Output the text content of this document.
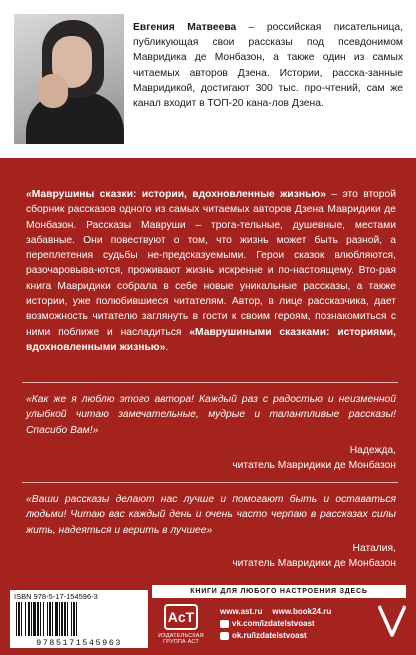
Евгения Матвеева – российская писательница, публикующая свои рассказы под псевдонимом Мавридика де Монбазон, а также один из самых читаемых авторов Дзена. Истории, расска-занные Мавридикой, достигают 300 тыс. про-чтений, сам же канал входит в ТОП-20 кана-лов Дзена.

«Маврушины сказки: истории, вдохновленные жизнью» – это второй сборник рассказов одного из самых читаемых авторов Дзена Мавридики де Монбазон. Рассказы Мавруши – трога-тельные, душевные, местами забавные. Они повествуют о том, что жизнь может быть разной, а переплетения судьбы не-предсказуемыми. Герои сказок влюбляются, разочаровыва-ются, проживают жизнь искренне и по-настоящему. Вто-рая книга Мавридики собрала в себе новые уникальные рассказы, а также истории, уже полюбившиеся читателям. Автор, в лице рассказчика, дает возможность читателю заглянуть в гости к своим героям, познакомиться с ними поближе и насладиться «Маврушиными сказками: историями, вдохновленными жизнью».

«Как же я люблю этого автора! Каждый раз с радостью и неизменной улыбкой читаю замечательные, мудрые и талантливые рассказы! Спасибо Вам!»

Надежда,
читатель Мавридики де Монбазон

«Ваши рассказы делают нас лучше и помогают быть и оставаться людьми! Читаю вас каждый день и очень часто черпаю в рассказах силы жить, надеяться и верить в лучшее»

Наталия,
читатель Мавридики де Монбазон
ISBN 978-5-17-154596-3
9785171545963
КНИГИ ДЛЯ ЛЮБОГО НАСТРОЕНИЯ ЗДЕСЬ
AcT
ИЗДАТЕЛЬСКАЯ ГРУППА АСТ
www.ast.ru www.book24.ru
vk.com/izdatelstvoast
ok.ru/izdatelstvoast
